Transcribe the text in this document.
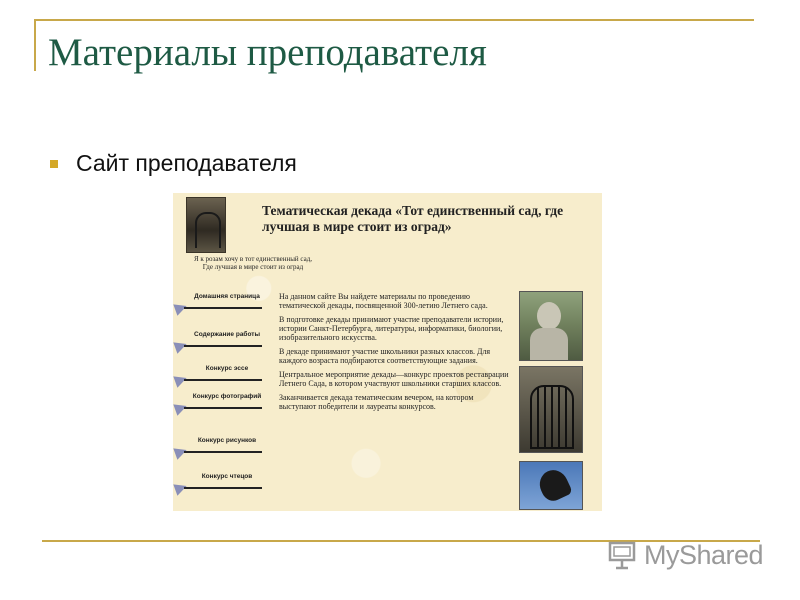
Материалы преподавателя
Сайт преподавателя
Я к розам хочу в тот единственный сад, Где лучшая в мире стоит из оград
Тематическая декада «Тот единственный сад, где лучшая в мире стоит из оград»
Домашняя страница
Содержание работы
Конкурс эссе
Конкурс фотографий
Конкурс рисунков
Конкурс чтецов

На данном сайте Вы найдете материалы по проведению тематической декады, посвященной 300-летию Летнего сада.

В подготовке декады принимают участие преподаватели истории, истории Санкт-Петербурга, литературы, информатики, биологии, изобразительного искусства.

В декаде принимают участие школьники разных классов. Для каждого возраста подбираются соответствующие задания.

Центральное мероприятие декады—конкурс проектов реставрации Летнего Сада, в котором участвуют школьники старших классов.

Заканчивается декада тематическим вечером, на котором выступают победители и лауреаты конкурсов.

MyShared
